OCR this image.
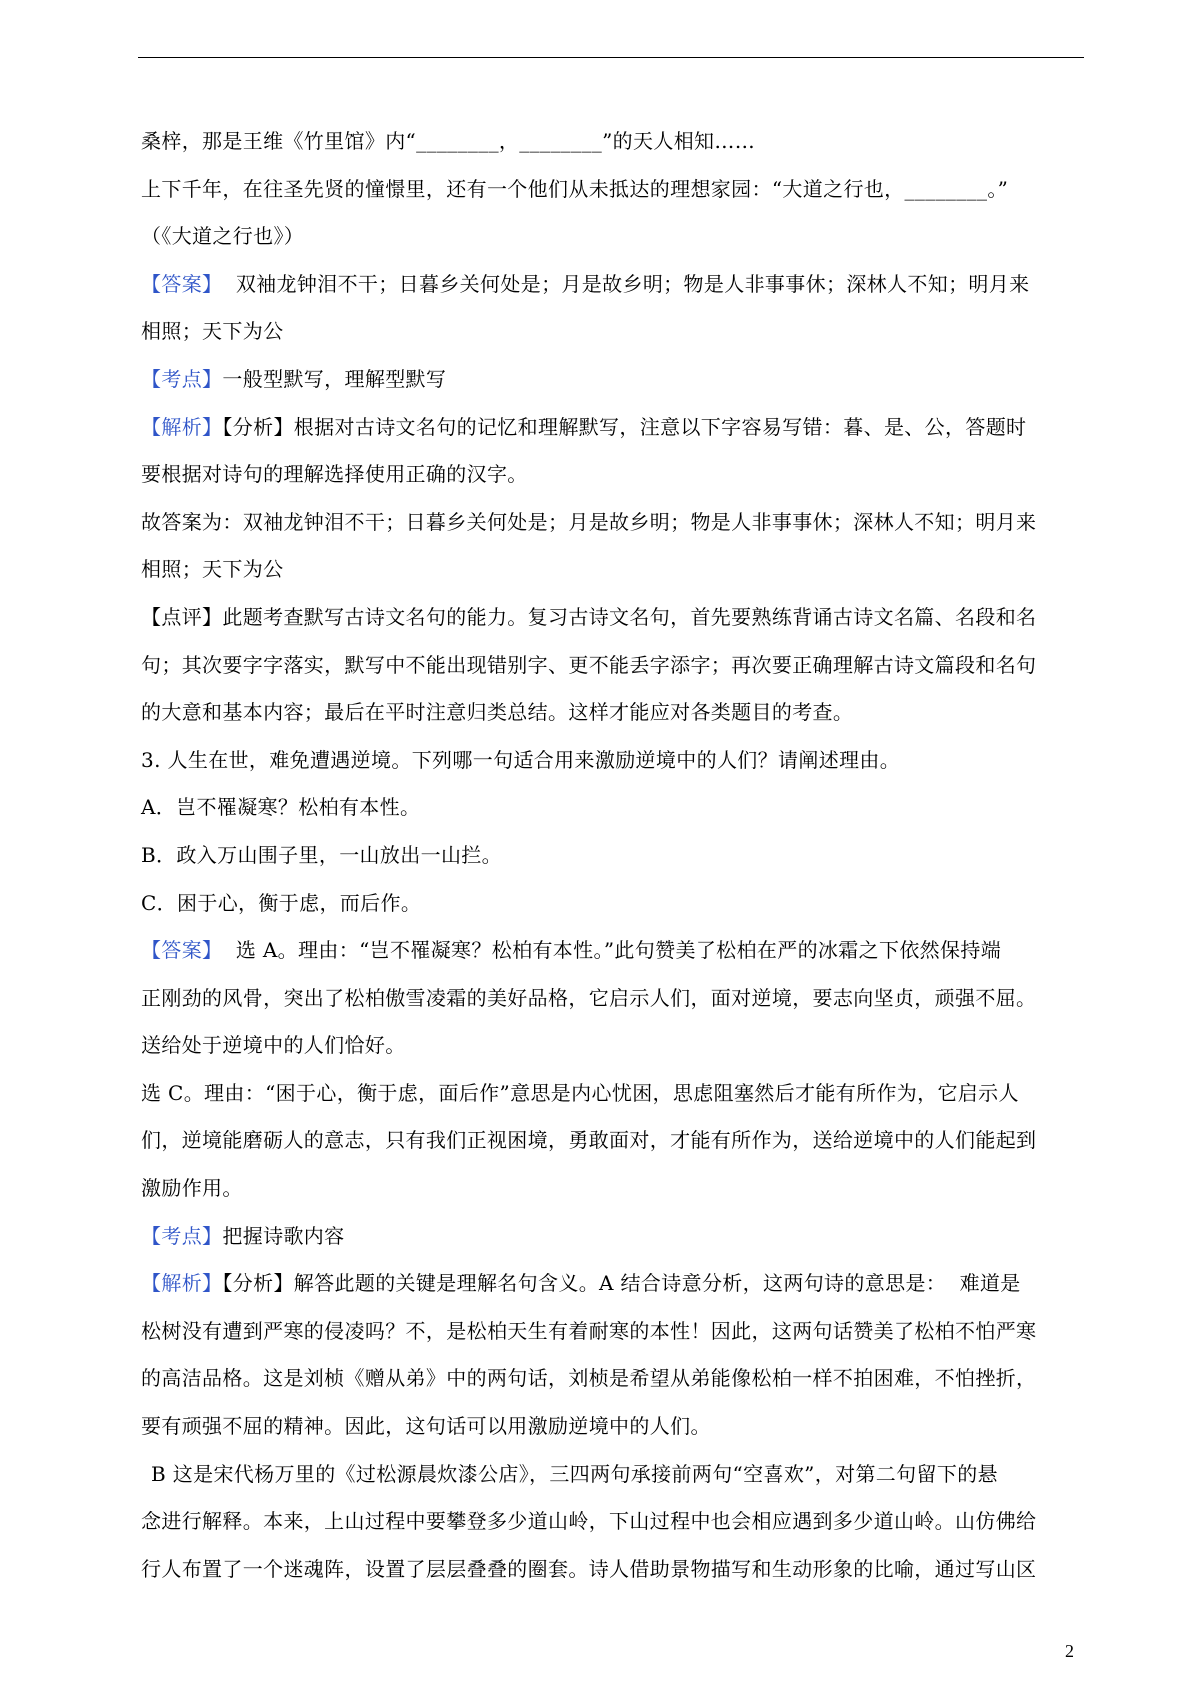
桑梓，那是王维《竹里馆》内“________，________”的天人相知……
上下千年，在往圣先贤的憧憬里，还有一个他们从未抵达的理想家园：“大道之行也，________。”
（《大道之行也》）
【答案】  双袖龙钟泪不干；日暮乡关何处是；月是故乡明；物是人非事事休；深林人不知；明月来
相照；天下为公
【考点】一般型默写，理解型默写
【解析】【分析】根据对古诗文名句的记忆和理解默写，注意以下字容易写错：暮、是、公，答题时
要根据对诗句的理解选择使用正确的汉字。
故答案为：双袖龙钟泪不干；日暮乡关何处是；月是故乡明；物是人非事事休；深林人不知；明月来
相照；天下为公
【点评】此题考查默写古诗文名句的能力。复习古诗文名句，首先要熟练背诵古诗文名篇、名段和名
句；其次要字字落实，默写中不能出现错别字、更不能丢字添字；再次要正确理解古诗文篇段和名句
的大意和基本内容；最后在平时注意归类总结。这样才能应对各类题目的考查。
3. 人生在世，难免遭遇逆境。下列哪一句适合用来激励逆境中的人们？请阐述理由。
A．岂不罹凝寒？松柏有本性。
B．政入万山围子里，一山放出一山拦。
C．困于心，衡于虑，而后作。
【答案】  选 A。理由：“岂不罹凝寒？松柏有本性。”此句赞美了松柏在严的冰霜之下依然保持端
正刚劲的风骨，突出了松柏傲雪凌霜的美好品格，它启示人们，面对逆境，要志向坚贞，顽强不屈。
送给处于逆境中的人们恰好。
选 C。理由：“困于心，衡于虑，面后作”意思是内心忧困，思虑阻塞然后才能有所作为，它启示人
们，逆境能磨砺人的意志，只有我们正视困境，勇敢面对，才能有所作为，送给逆境中的人们能起到
激励作用。
【考点】把握诗歌内容
【解析】【分析】解答此题的关键是理解名句含义。A 结合诗意分析，这两句诗的意思是：  难道是
松树没有遭到严寒的侵凌吗？不，是松柏天生有着耐寒的本性！因此，这两句话赞美了松柏不怕严寒
的高洁品格。这是刘桢《赠从弟》中的两句话，刘桢是希望从弟能像松柏一样不拍困难，不怕挫折，
要有顽强不屈的精神。因此，这句话可以用激励逆境中的人们。
B 这是宋代杨万里的《过松源晨炊漆公店》，三四两句承接前两句“空喜欢”，对第二句留下的悬
念进行解释。本来，上山过程中要攀登多少道山岭，下山过程中也会相应遇到多少道山岭。山仿佛给
行人布置了一个迷魂阵，设置了层层叠叠的圈套。诗人借助景物描写和生动形象的比喻，通过写山区
2
